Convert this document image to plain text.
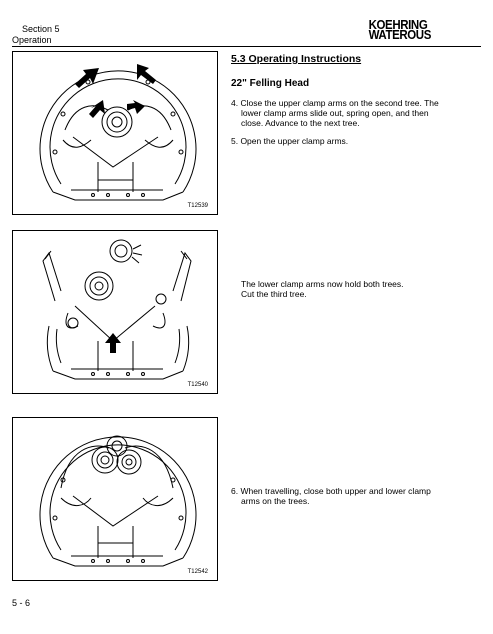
Section 5
Operation
KOEHRING
WATEROUS
T12539
T12540
T12542
5.3 Operating Instructions
22" Felling Head
4. Close the upper clamp arms on the second tree. The
lower clamp arms slide out, spring open, and then
close. Advance to the next tree.
5. Open the upper clamp arms.
The lower clamp arms now hold both trees.
Cut the third tree.
6. When travelling, close both upper and lower clamp
arms on the trees.
5 - 6
